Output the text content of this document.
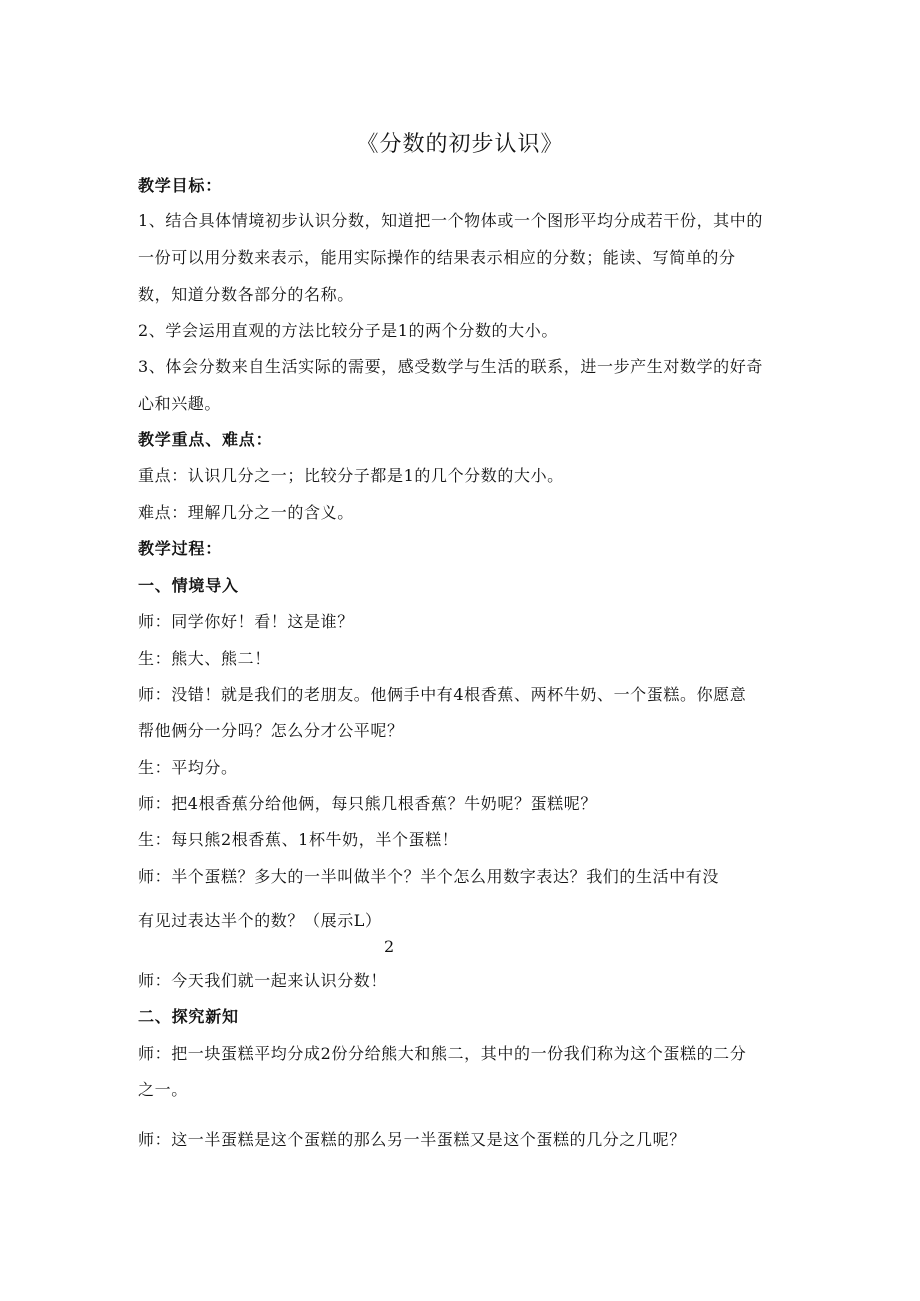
《分数的初步认识》

教学目标：

1、结合具体情境初步认识分数，知道把一个物体或一个图形平均分成若干份，其中的

一份可以用分数来表示，能用实际操作的结果表示相应的分数；能读、写简单的分

数，知道分数各部分的名称。

2、学会运用直观的方法比较分子是1的两个分数的大小。

3、体会分数来自生活实际的需要，感受数学与生活的联系，进一步产生对数学的好奇

心和兴趣。

教学重点、难点：

重点：认识几分之一；比较分子都是1的几个分数的大小。

难点：理解几分之一的含义。

教学过程：

一、情境导入

师：同学你好！看！这是谁？

生：熊大、熊二！

师：没错！就是我们的老朋友。他俩手中有4根香蕉、两杯牛奶、一个蛋糕。你愿意

帮他俩分一分吗？怎么分才公平呢？

生：平均分。

师：把4根香蕉分给他俩，每只熊几根香蕉？牛奶呢？蛋糕呢？

生：每只熊2根香蕉、1杯牛奶，半个蛋糕！

师：半个蛋糕？多大的一半叫做半个？半个怎么用数字表达？我们的生活中有没

有见过表达半个的数？（展示L）

2

师：今天我们就一起来认识分数！

二、探究新知

师：把一块蛋糕平均分成2份分给熊大和熊二，其中的一份我们称为这个蛋糕的二分

之一。

师：这一半蛋糕是这个蛋糕的那么另一半蛋糕又是这个蛋糕的几分之几呢？
